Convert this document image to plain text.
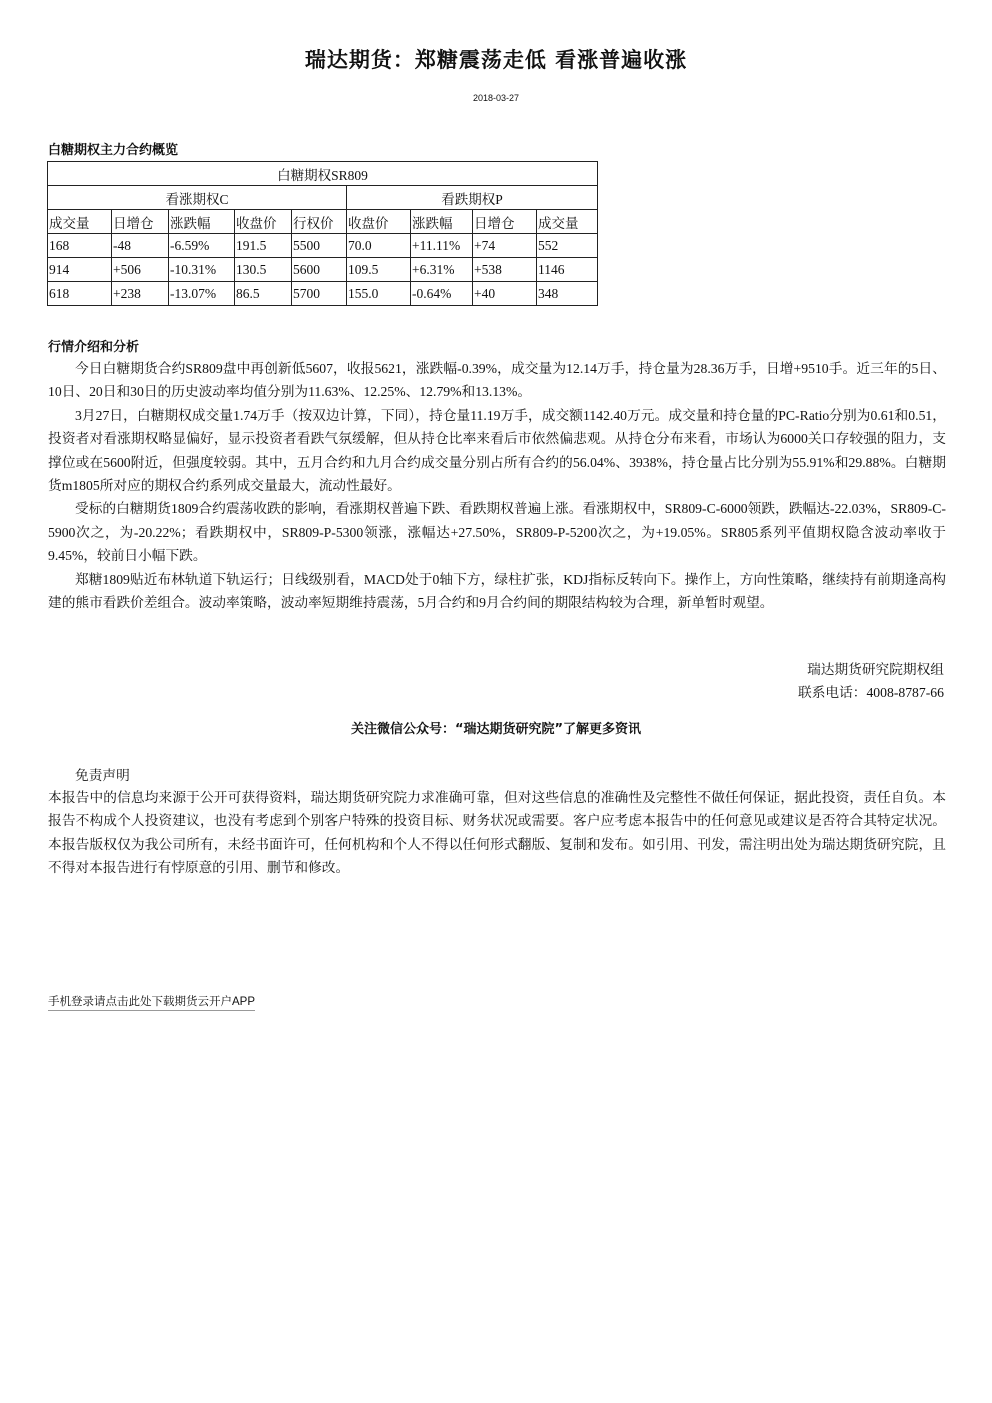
瑞达期货：郑糖震荡走低 看涨普遍收涨
2018-03-27
白糖期权主力合约概览
白糖期权SR809								
看涨期权C					看跌期权P			
成交量	日增仓	涨跌幅	收盘价	行权价	收盘价	涨跌幅	日增仓	成交量
168	-48	-6.59%	191.5	5500	70.0	+11.11%	+74	552
914	+506	-10.31%	130.5	5600	109.5	+6.31%	+538	1146
618	+238	-13.07%	86.5	5700	155.0	-0.64%	+40	348
行情介绍和分析

今日白糖期货合约SR809盘中再创新低5607，收报5621，涨跌幅-0.39%，成交量为12.14万手，持仓量为28.36万手，日增+9510手。近三年的5日、10日、20日和30日的历史波动率均值分别为11.63%、12.25%、12.79%和13.13%。

3月27日，白糖期权成交量1.74万手（按双边计算，下同），持仓量11.19万手，成交额1142.40万元。成交量和持仓量的PC-Ratio分别为0.61和0.51，投资者对看涨期权略显偏好，显示投资者看跌气氛缓解，但从持仓比率来看后市依然偏悲观。从持仓分布来看，市场认为6000关口存较强的阻力，支撑位或在5600附近，但强度较弱。其中，五月合约和九月合约成交量分别占所有合约的56.04%、3938%，持仓量占比分别为55.91%和29.88%。白糖期货m1805所对应的期权合约系列成交量最大，流动性最好。

受标的白糖期货1809合约震荡收跌的影响，看涨期权普遍下跌、看跌期权普遍上涨。看涨期权中，SR809-C-6000领跌，跌幅达-22.03%，SR809-C-5900次之，为-20.22%；看跌期权中，SR809-P-5300领涨，涨幅达+27.50%，SR809-P-5200次之，为+19.05%。SR805系列平值期权隐含波动率收于9.45%，较前日小幅下跌。

郑糖1809贴近布林轨道下轨运行；日线级别看，MACD处于0轴下方，绿柱扩张，KDJ指标反转向下。操作上，方向性策略，继续持有前期逢高构建的熊市看跌价差组合。波动率策略，波动率短期维持震荡，5月合约和9月合约间的期限结构较为合理，新单暂时观望。

瑞达期货研究院期权组
联系电话：4008-8787-66
关注微信公众号：“瑞达期货研究院”了解更多资讯
免责声明

本报告中的信息均来源于公开可获得资料，瑞达期货研究院力求准确可靠，但对这些信息的准确性及完整性不做任何保证，据此投资，责任自负。本报告不构成个人投资建议，也没有考虑到个别客户特殊的投资目标、财务状况或需要。客户应考虑本报告中的任何意见或建议是否符合其特定状况。本报告版权仅为我公司所有，未经书面许可，任何机构和个人不得以任何形式翻版、复制和发布。如引用、刊发，需注明出处为瑞达期货研究院，且不得对本报告进行有悖原意的引用、删节和修改。

手机登录请点击此处下载期货云开户APP
